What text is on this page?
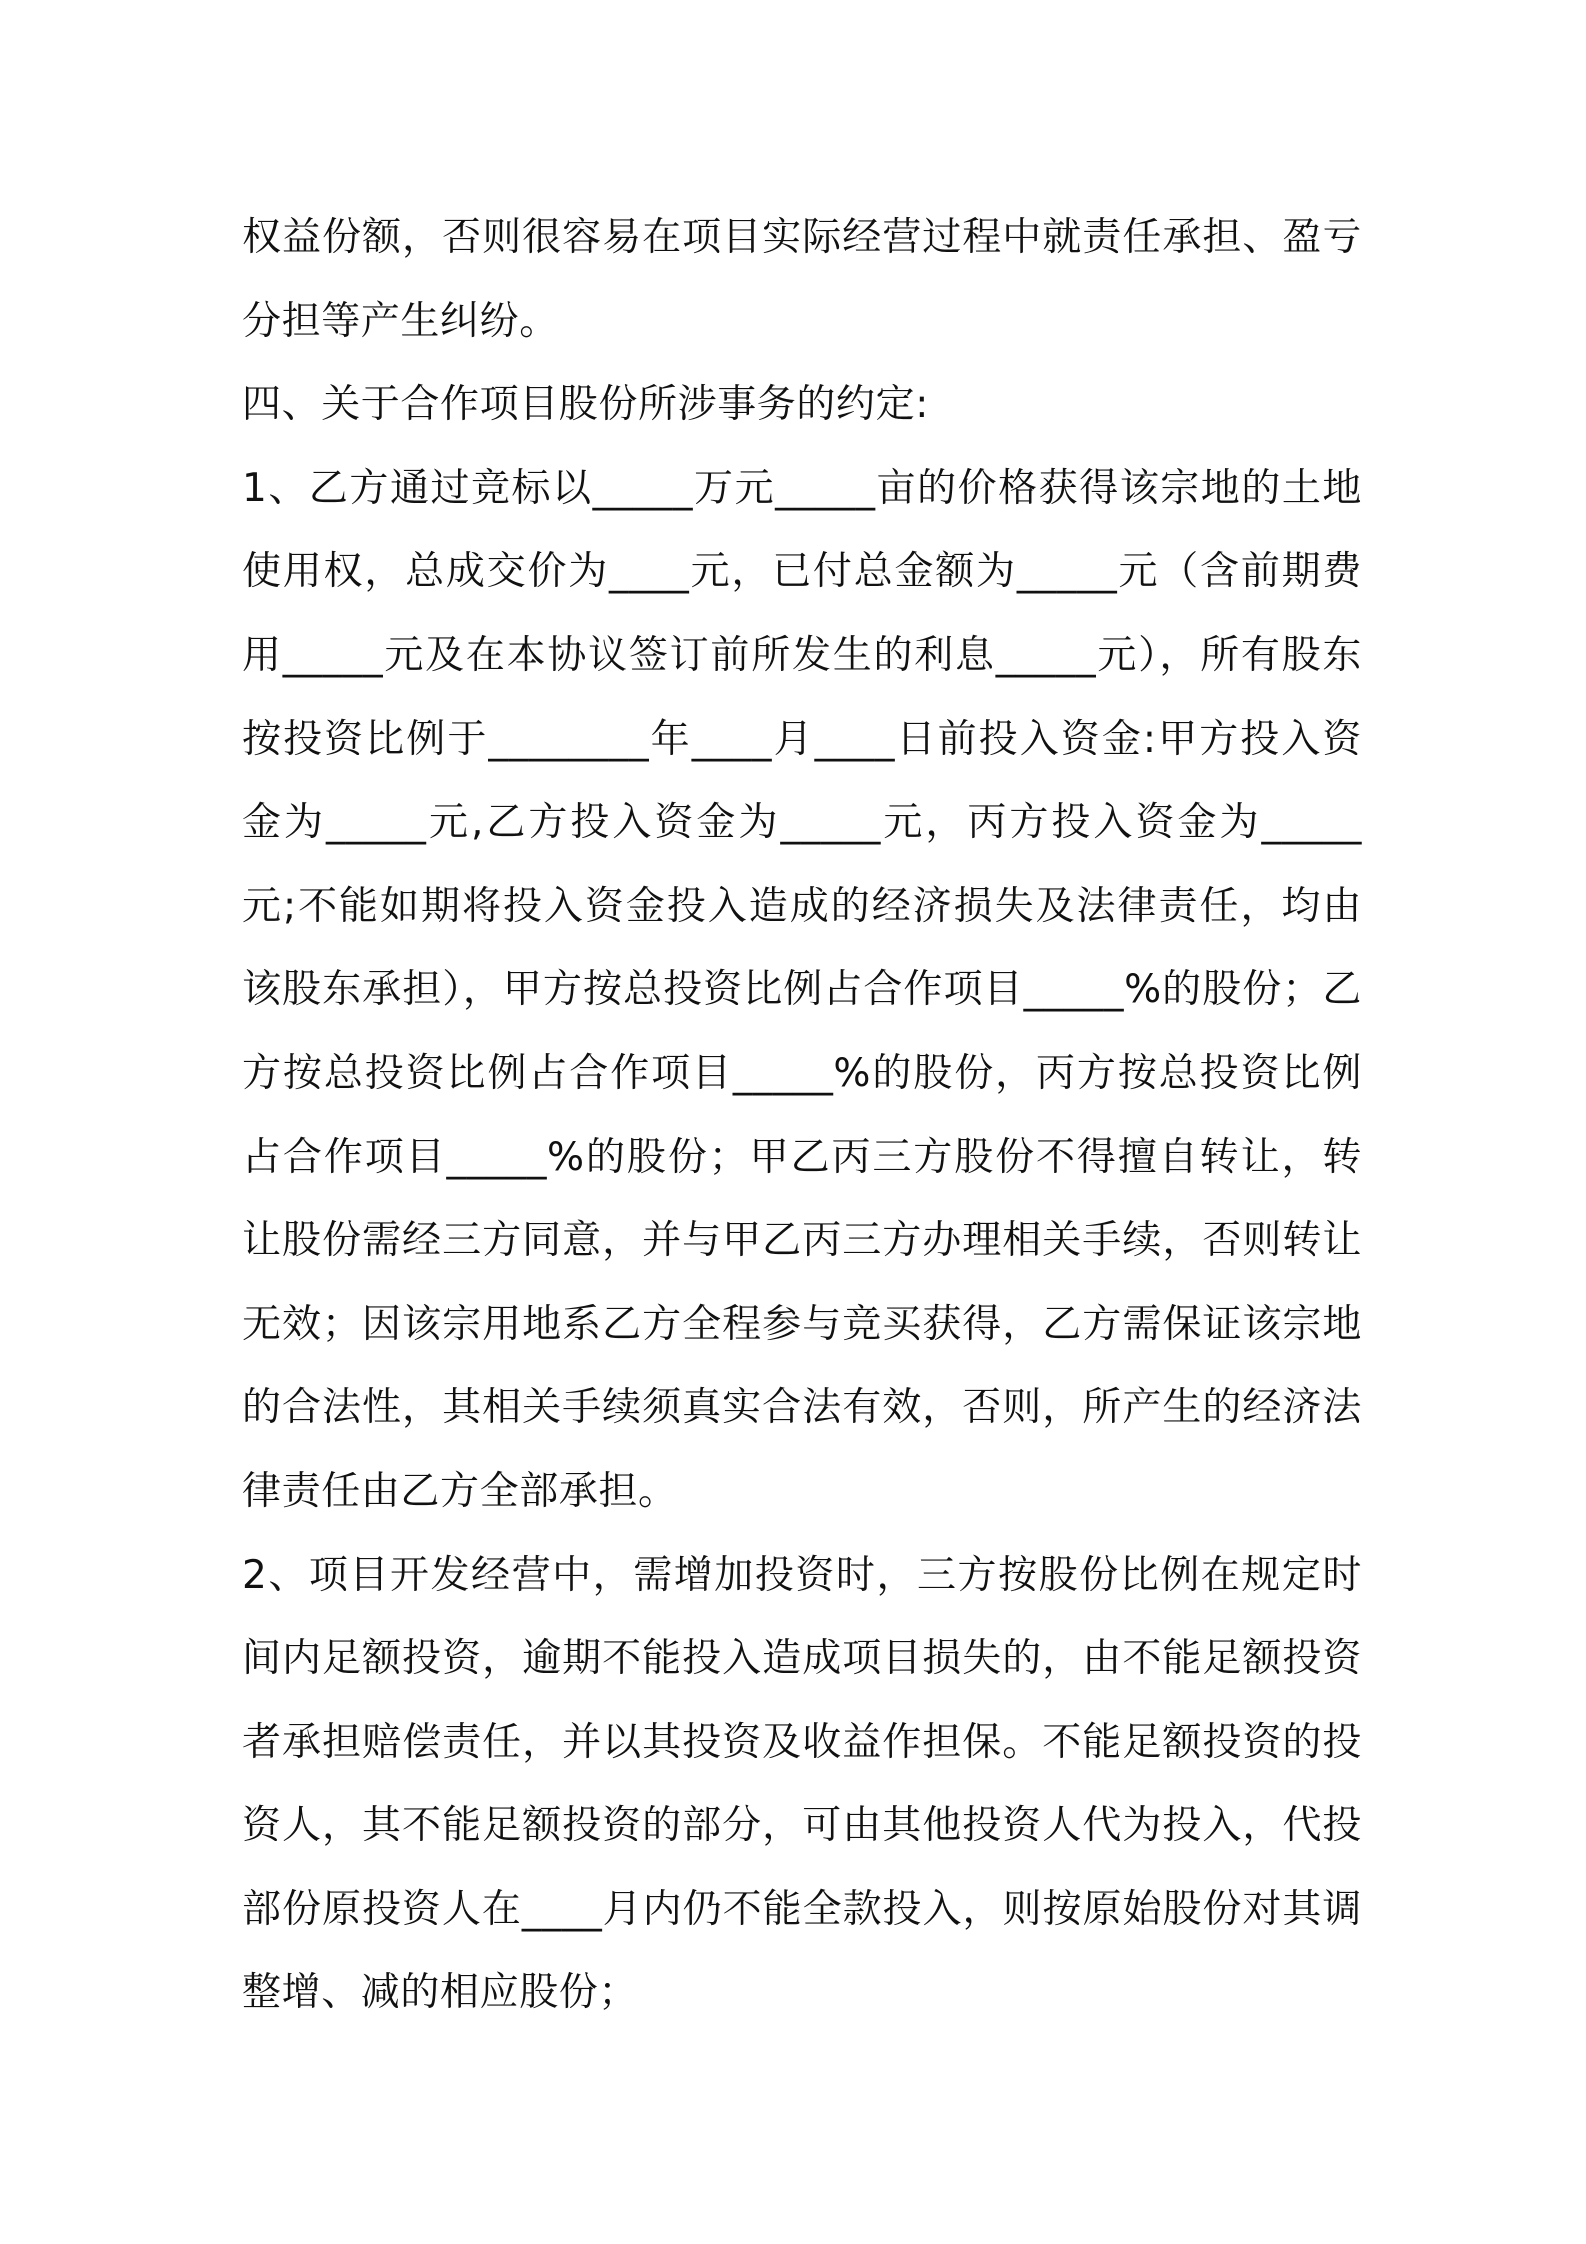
权益份额，否则很容易在项目实际经营过程中就责任承担、盈亏分担等产生纠纷。

四、关于合作项目股份所涉事务的约定:

1、乙方通过竞标以_____万元_____亩的价格获得该宗地的土地使用权，总成交价为____元，已付总金额为_____元（含前期费用_____元及在本协议签订前所发生的利息_____元），所有股东按投资比例于________年____月____日前投入资金:甲方投入资金为_____元,乙方投入资金为_____元，丙方投入资金为_____元;不能如期将投入资金投入造成的经济损失及法律责任，均由该股东承担），甲方按总投资比例占合作项目_____%的股份；乙方按总投资比例占合作项目_____%的股份，丙方按总投资比例占合作项目_____%的股份；甲乙丙三方股份不得擅自转让，转让股份需经三方同意，并与甲乙丙三方办理相关手续，否则转让无效；因该宗用地系乙方全程参与竞买获得，乙方需保证该宗地的合法性，其相关手续须真实合法有效，否则，所产生的经济法律责任由乙方全部承担。

2、项目开发经营中，需增加投资时，三方按股份比例在规定时间内足额投资，逾期不能投入造成项目损失的，由不能足额投资者承担赔偿责任，并以其投资及收益作担保。不能足额投资的投资人，其不能足额投资的部分，可由其他投资人代为投入，代投部份原投资人在____月内仍不能全款投入，则按原始股份对其调整增、减的相应股份；
